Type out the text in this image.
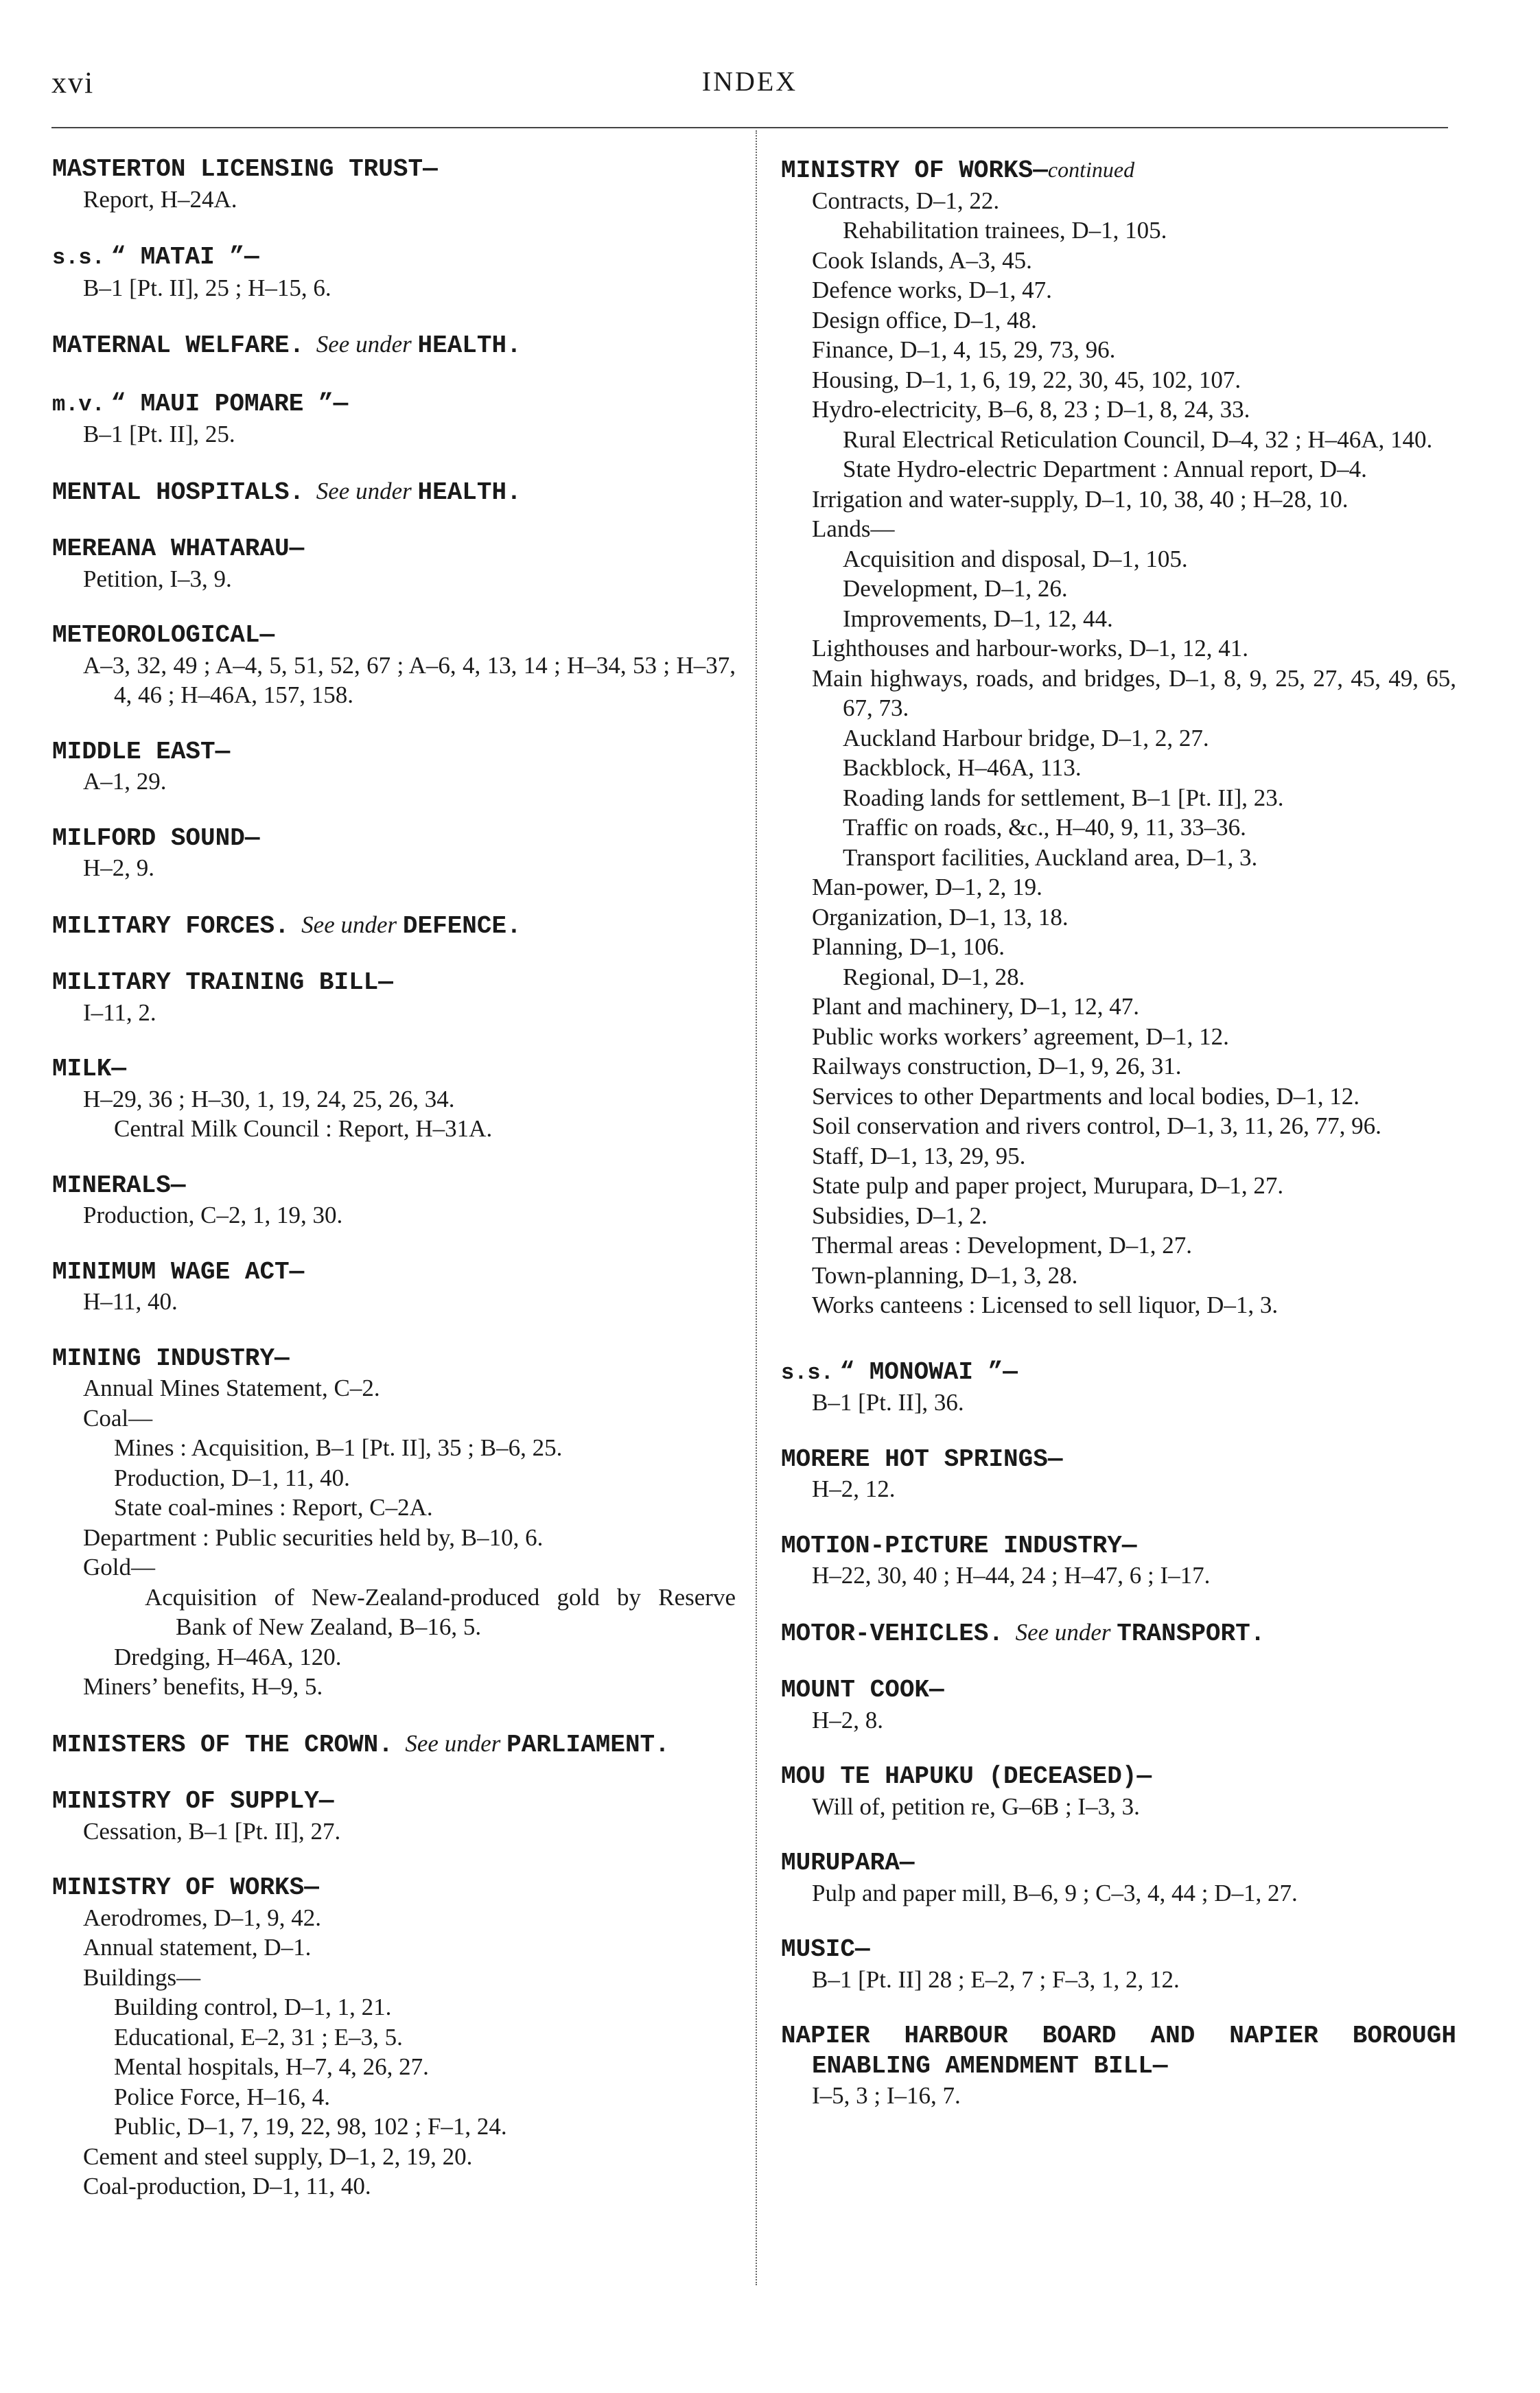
xvi	INDEX
MASTERTON LICENSING TRUST—
Report, H–24A.
s.s. “ MATAI ”—
B–1 [Pt. II], 25 ; H–15, 6.
MATERNAL WELFARE. See under HEALTH.
m.v. “ MAUI POMARE ”—
B–1 [Pt. II], 25.
MENTAL HOSPITALS. See under HEALTH.
MEREANA WHATARAU—
Petition, I–3, 9.
METEOROLOGICAL—
A–3, 32, 49 ; A–4, 5, 51, 52, 67 ; A–6, 4, 13, 14 ; H–34, 53 ; H–37, 4, 46 ; H–46A, 157, 158.
MIDDLE EAST—
A–1, 29.
MILFORD SOUND—
H–2, 9.
MILITARY FORCES. See under DEFENCE.
MILITARY TRAINING BILL—
I–11, 2.
MILK—
H–29, 36 ; H–30, 1, 19, 24, 25, 26, 34.
Central Milk Council : Report, H–31A.
MINERALS—
Production, C–2, 1, 19, 30.
MINIMUM WAGE ACT—
H–11, 40.
MINING INDUSTRY—
Annual Mines Statement, C–2.
Coal—
Mines : Acquisition, B–1 [Pt. II], 35 ; B–6, 25.
Production, D–1, 11, 40.
State coal-mines : Report, C–2A.
Department : Public securities held by, B–10, 6.
Gold—
Acquisition of New-Zealand-produced gold by Reserve Bank of New Zealand, B–16, 5.
Dredging, H–46A, 120.
Miners’ benefits, H–9, 5.
MINISTERS OF THE CROWN. See under PARLIAMENT.
MINISTRY OF SUPPLY—
Cessation, B–1 [Pt. II], 27.
MINISTRY OF WORKS—
Aerodromes, D–1, 9, 42.
Annual statement, D–1.
Buildings—
Building control, D–1, 1, 21.
Educational, E–2, 31 ; E–3, 5.
Mental hospitals, H–7, 4, 26, 27.
Police Force, H–16, 4.
Public, D–1, 7, 19, 22, 98, 102 ; F–1, 24.
Cement and steel supply, D–1, 2, 19, 20.
Coal-production, D–1, 11, 40.
MINISTRY OF WORKS—continued
Contracts, D–1, 22.
Rehabilitation trainees, D–1, 105.
Cook Islands, A–3, 45.
Defence works, D–1, 47.
Design office, D–1, 48.
Finance, D–1, 4, 15, 29, 73, 96.
Housing, D–1, 1, 6, 19, 22, 30, 45, 102, 107.
Hydro-electricity, B–6, 8, 23 ; D–1, 8, 24, 33.
Rural Electrical Reticulation Council, D–4, 32 ; H–46A, 140.
State Hydro-electric Department : Annual report, D–4.
Irrigation and water-supply, D–1, 10, 38, 40 ; H–28, 10.
Lands—
Acquisition and disposal, D–1, 105.
Development, D–1, 26.
Improvements, D–1, 12, 44.
Lighthouses and harbour-works, D–1, 12, 41.
Main highways, roads, and bridges, D–1, 8, 9, 25, 27, 45, 49, 65, 67, 73.
Auckland Harbour bridge, D–1, 2, 27.
Backblock, H–46A, 113.
Roading lands for settlement, B–1 [Pt. II], 23.
Traffic on roads, &c., H–40, 9, 11, 33–36.
Transport facilities, Auckland area, D–1, 3.
Man-power, D–1, 2, 19.
Organization, D–1, 13, 18.
Planning, D–1, 106.
Regional, D–1, 28.
Plant and machinery, D–1, 12, 47.
Public works workers’ agreement, D–1, 12.
Railways construction, D–1, 9, 26, 31.
Services to other Departments and local bodies, D–1, 12.
Soil conservation and rivers control, D–1, 3, 11, 26, 77, 96.
Staff, D–1, 13, 29, 95.
State pulp and paper project, Murupara, D–1, 27.
Subsidies, D–1, 2.
Thermal areas : Development, D–1, 27.
Town-planning, D–1, 3, 28.
Works canteens : Licensed to sell liquor, D–1, 3.
s.s. “ MONOWAI ”—
B–1 [Pt. II], 36.
MORERE HOT SPRINGS—
H–2, 12.
MOTION-PICTURE INDUSTRY—
H–22, 30, 40 ; H–44, 24 ; H–47, 6 ; I–17.
MOTOR-VEHICLES. See under TRANSPORT.
MOUNT COOK—
H–2, 8.
MOU TE HAPUKU (DECEASED)—
Will of, petition re, G–6B ; I–3, 3.
MURUPARA—
Pulp and paper mill, B–6, 9 ; C–3, 4, 44 ; D–1, 27.
MUSIC—
B–1 [Pt. II] 28 ; E–2, 7 ; F–3, 1, 2, 12.
NAPIER HARBOUR BOARD AND NAPIER BOROUGH ENABLING AMENDMENT BILL—
I–5, 3 ; I–16, 7.
